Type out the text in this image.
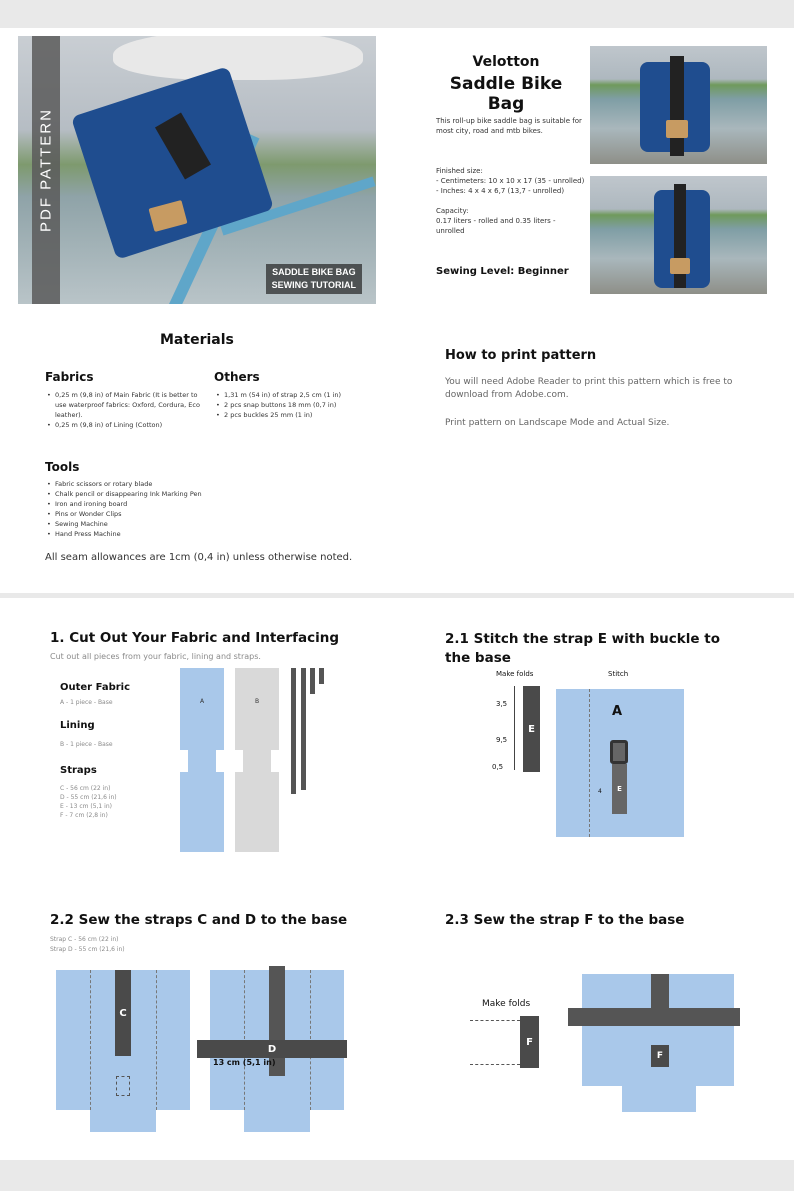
PDF PATTERN
SADDLE BIKE BAG
SEWING TUTORIAL
Velotton
Saddle Bike Bag
This roll-up bike saddle bag is suitable for most city, road and mtb bikes.
Finished size:
- Centimeters: 10 x 10 x 17 (35 - unrolled)
- Inches: 4 x 4 x 6,7 (13,7 - unrolled)
Capacity:
0.17 liters - rolled and 0.35 liters - unrolled
Sewing Level: Beginner
Materials
Fabrics
• 0,25 m (9,8 in) of Main Fabric (It is better to use waterproof fabrics: Oxford, Cordura, Eco leather).
• 0,25 m (9,8 in) of Lining (Cotton)
Others
• 1,31 m (54 in) of strap 2,5 cm (1 in)
• 2 pcs snap buttons 18 mm (0,7 in)
• 2 pcs buckles 25 mm (1 in)
Tools
• Fabric scissors or rotary blade
• Chalk pencil or disappearing Ink Marking Pen
• Iron and ironing board
• Pins or Wonder Clips
• Sewing Machine
• Hand Press Machine
All seam allowances are 1cm (0,4 in) unless otherwise noted.
How to print pattern
You will need Adobe Reader to print this pattern which is free to download from Adobe.com.
Print pattern on Landscape Mode and Actual Size.
1. Cut Out Your Fabric and Interfacing
Cut out all pieces from your fabric, lining and straps.
Outer Fabric
A - 1 piece - Base
Lining
B - 1 piece - Base
Straps
C - 56 cm (22 in)
D - 55 cm (21,6 in)
E - 13 cm (5,1 in)
F - 7 cm (2,8 in)
A	B
2.1 Stitch the strap E with buckle to the base
Make folds	Stitch
3,5
9,5
0,5
E
A
E
4
2.2 Sew the straps C and D to the base
Strap C - 56 cm (22 in)
Strap D - 55 cm (21,6 in)
C
D
13 cm (5,1 in)
2.3 Sew the strap F to the base
Make folds
F
F
